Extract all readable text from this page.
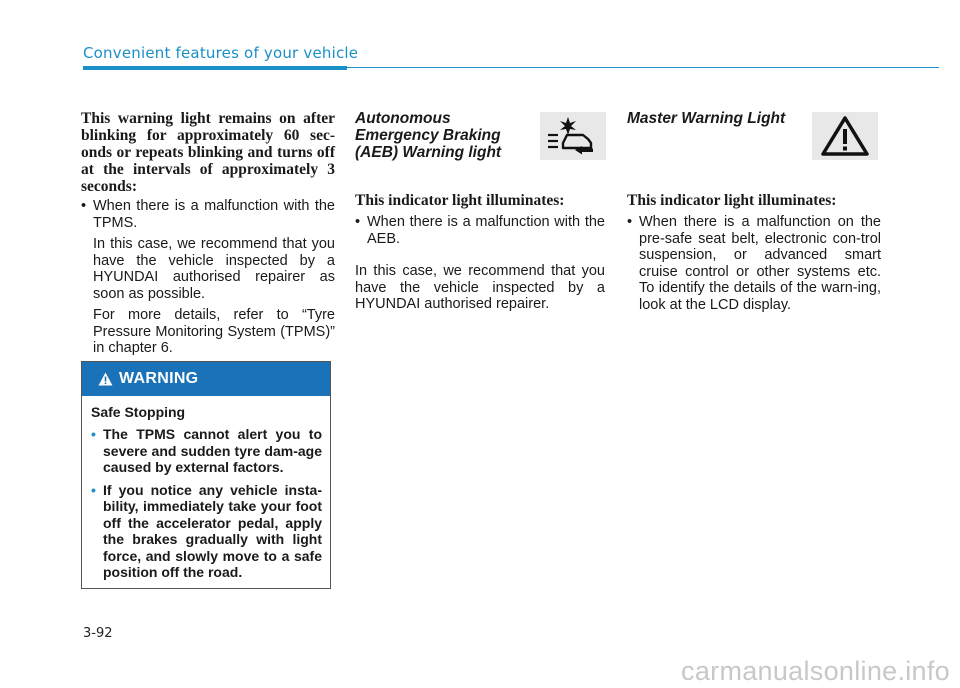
Convenient features of your vehicle

This warning light remains on after blinking for approximately 60 sec-onds or repeats blinking and turns off at the intervals of approximately 3 seconds:

• When there is a malfunction with the TPMS.

In this case, we recommend that you have the vehicle inspected by a HYUNDAI authorised repairer as soon as possible.

For more details, refer to “Tyre Pressure Monitoring System (TPMS)” in chapter 6.

WARNING

Safe Stopping

• The TPMS cannot alert you to severe and sudden tyre dam-age caused by external factors.

• If you notice any vehicle insta-bility, immediately take your foot off the accelerator pedal, apply the brakes gradually with light force, and slowly move to a safe position off the road.

Autonomous Emergency Braking (AEB) Warning light

This indicator light illuminates:

• When there is a malfunction with the AEB.

In this case, we recommend that you have the vehicle inspected by a HYUNDAI authorised repairer.

Master Warning Light

This indicator light illuminates:

• When there is a malfunction on the pre-safe seat belt, electronic con-trol suspension, or advanced smart cruise control or other systems etc. To identify the details of the warn-ing, look at the LCD display.

3-92
carmanualsonline.info
